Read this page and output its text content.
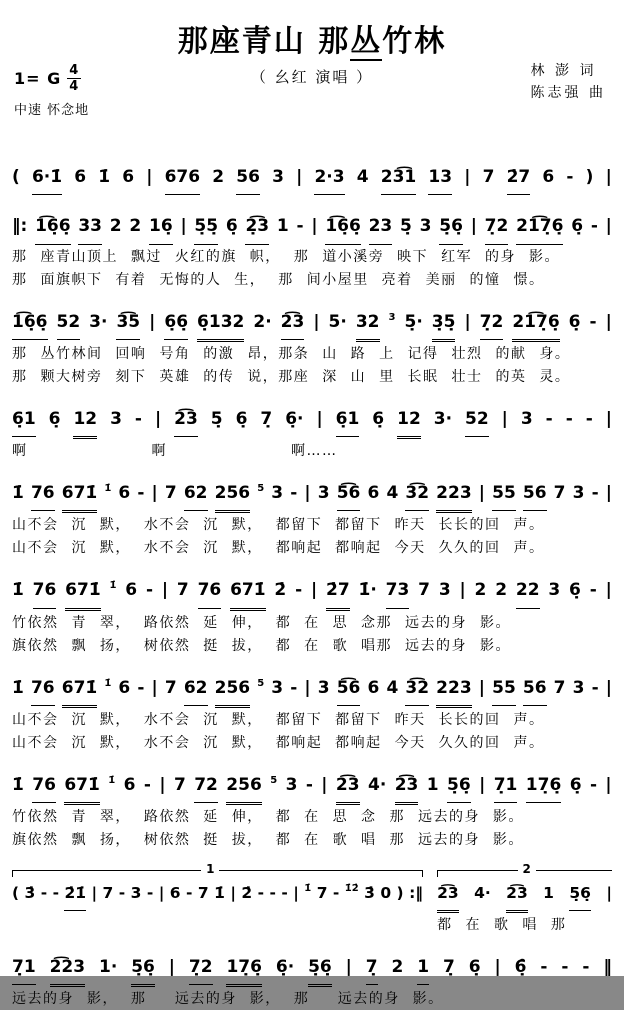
那座青山 那丛竹林
（ 幺红 演唱 ）	林 澎 词
陈志强 曲
1= G 4
4
中速 怀念地
( 6·1̇ 6 1̇ 6 | 676 2 56 3 | 2·3 4 23͡1 13 | 7 2̇7 6 - ) |
‖: 1͡6̣6̣ 33 2 2 16̣ | 5̣5̣ 6̣ 2̣͡3 1 - | 1͡6̣6̣ 23 5̣ 3 5̣6̣ | 7̣2 21͡7̣6̣ 6̣ - |
那 座青山顶上 飘过 火红的旗 帜， 那 道小溪旁 映下 红军 的身 影。
那 面旗帜下 有着 无悔的人 生， 那 间小屋里 亮着 美丽 的憧 憬。
1͡6̣6̣ 52 3· 3͡5 | 6̣6̣ 6̣132 2· 2͡3 | 5· 32 3 5̣· 3̣5̣ | 7̣2 21͡7̣6̣ 6̣ - |
那 丛竹林间 回响 号角 的激 昂，那条 山 路 上 记得 壮烈 的献 身。
那 颗大树旁 刻下 英雄 的传 说，那座 深 山 里 长眠 壮士 的英 灵。
6̣1 6̣ 12 3 - | 2͡3 5̣ 6̣ 7̣ 6̣· | 6̣1 6̣ 12 3· 52 | 3 - - - |
啊　　　　　　　　啊　　　　　　　　啊……
1̇ 76 671̇ 1̇ 6 - | 7 62 256 5 3 - | 3 5͡6 6 4 3͡2 223 | 55 56 7 3 - |
山不会 沉 默， 水不会 沉 默， 都留下 都留下 昨天 长长的回 声。
山不会 沉 默， 水不会 沉 默， 都响起 都响起 今天 久久的回 声。
1̇ 76 671̇ 1̇ 6 - | 7 76 671̇ 2̇ - | 2̇7 1̇· 73 7 3 | 2 2 22 3 6̣ - |
竹依然 青 翠， 路依然 延 伸， 都 在 思 念那 远去的身 影。
旗依然 飘 扬， 树依然 挺 拔， 都 在 歌 唱那 远去的身 影。
1̇ 76 671̇ 1̇ 6 - | 7 62 256 5 3 - | 3 5͡6 6 4 3͡2 223 | 55 56 7 3 - |
山不会 沉 默， 水不会 沉 默， 都留下 都留下 昨天 长长的回 声。
山不会 沉 默， 水不会 沉 默， 都响起 都响起 今天 久久的回 声。
1̇ 76 671̇ 1̇ 6 - | 7 72 256 5 3 - | 2͡3 4· 2͡3 1 5̣6̣ | 7̣1 17̣6̣ 6̣ - |
竹依然 青 翠， 路依然 延 伸， 都 在 思 念 那 远去的身 影。
旗依然 飘 扬， 树依然 挺 拔， 都 在 歌 唱 那 远去的身 影。
1
( 3̇ - - 2̇1̇ | 7 - 3 - | 6 - 7 1̇ | 2̇ - - - | 1̇ 7 - 1̇2̇ 3̇ 0 ) :‖
2
2͡3 4· 2͡3 1 5̣6̣ |
都 在 歌 唱 那
7̣1 2͡23 1· 5̣6̣ | 7̣2 17̣6̣ 6̣· 5̣6̣ | 7̣ 2 1 7̣ 6̣ | 6̣̑ - - - ‖
远去的身 影， 那　 远去的身 影， 那　 远去的身 影。
